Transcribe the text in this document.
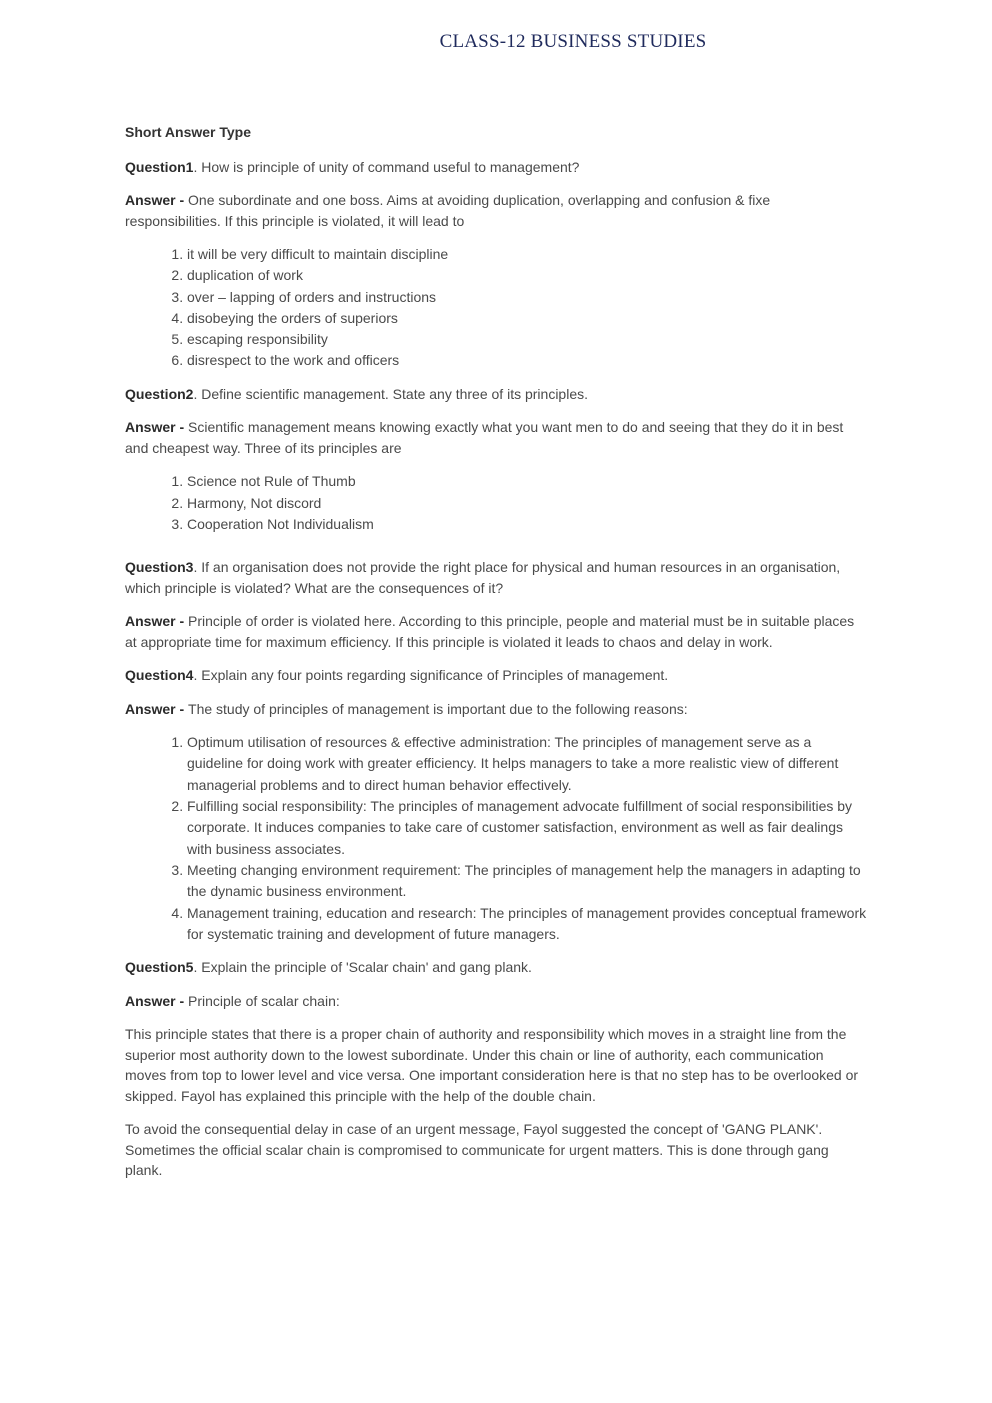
CLASS-12 BUSINESS STUDIES
Short Answer Type

Question1. How is principle of unity of command useful to management?

Answer - One subordinate and one boss. Aims at avoiding duplication, overlapping and confusion & fixe responsibilities. If this principle is violated, it will lead to

1. it will be very difficult to maintain discipline
2. duplication of work
3. over – lapping of orders and instructions
4. disobeying the orders of superiors
5. escaping responsibility
6. disrespect to the work and officers

Question2. Define scientific management. State any three of its principles.

Answer - Scientific management means knowing exactly what you want men to do and seeing that they do it in best and cheapest way. Three of its principles are

1. Science not Rule of Thumb
2. Harmony, Not discord
3. Cooperation Not Individualism

Question3. If an organisation does not provide the right place for physical and human resources in an organisation, which principle is violated? What are the consequences of it?

Answer - Principle of order is violated here. According to this principle, people and material must be in suitable places at appropriate time for maximum efficiency. If this principle is violated it leads to chaos and delay in work.

Question4. Explain any four points regarding significance of Principles of management.

Answer - The study of principles of management is important due to the following reasons:

1. Optimum utilisation of resources & effective administration: The principles of management serve as a guideline for doing work with greater efficiency. It helps managers to take a more realistic view of different managerial problems and to direct human behavior effectively.
2. Fulfilling social responsibility: The principles of management advocate fulfillment of social responsibilities by corporate. It induces companies to take care of customer satisfaction, environment as well as fair dealings with business associates.
3. Meeting changing environment requirement: The principles of management help the managers in adapting to the dynamic business environment.
4. Management training, education and research: The principles of management provides conceptual framework for systematic training and development of future managers.

Question5. Explain the principle of 'Scalar chain' and gang plank.

Answer - Principle of scalar chain:

This principle states that there is a proper chain of authority and responsibility which moves in a straight line from the superior most authority down to the lowest subordinate. Under this chain or line of authority, each communication moves from top to lower level and vice versa. One important consideration here is that no step has to be overlooked or skipped. Fayol has explained this principle with the help of the double chain.

To avoid the consequential delay in case of an urgent message, Fayol suggested the concept of 'GANG PLANK'. Sometimes the official scalar chain is compromised to communicate for urgent matters. This is done through gang plank.
